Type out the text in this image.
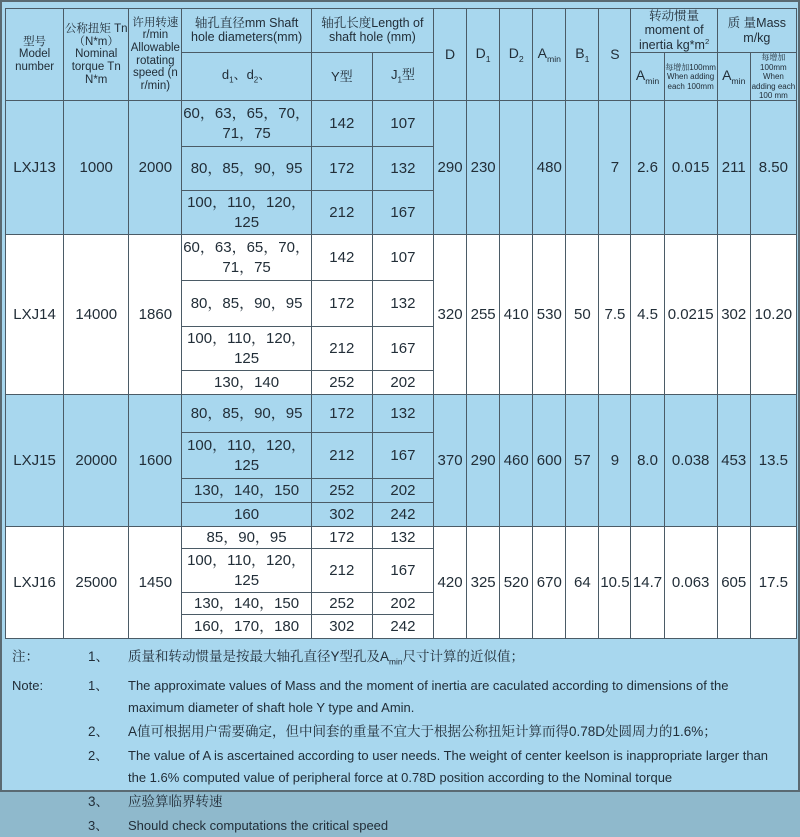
型号 Model number	公称扭矩 Tn（N*m） Nominal torque Tn N*m	许用转速 r/min Allowable rotating speed (n r/min)	轴孔直径mm Shaft hole diameters(mm)	轴孔长度Length of shaft hole (mm)		D	$D_1$	$D_2$	$A_{min}$	$B_1$	S	转动惯量moment of inertia $kg*m^2$		质 量Mass
m/kg	
			$d_1$、$d_2$、	Y型	$J_1$型							$A_{min}$	每增加100mm When adding each 100mm	$A_{min}$	每增加100mm When adding each 100 mm

LXJ13	1000	2000	60，63，65，70，71，75	142	107	290	230		480		7	2.6	0.015	211	8.50
			80，85，90，95	172	132										
			100，110，120，125	212	167										
LXJ14	14000	1860	60，63，65，70，71，75	142	107	320	255	410	530	50	7.5	4.5	0.0215	302	10.20
			80，85，90，95	172	132										
			100，110，120，125	212	167										
			130，140	252	202										
LXJ15	20000	1600	80，85，90，95	172	132	370	290	460	600	57	9	8.0	0.038	453	13.5
			100，110，120，125	212	167										
			130，140，150	252	202										
			160	302	242										
LXJ16	25000	1450	85，90，95	172	132	420	325	520	670	64	10.5	14.7	0.063	605	17.5
			100，110，120，125	212	167										
			130，140，150	252	202										
			160，170，180	302	242										
注：	1、	质量和转动惯量是按最大轴孔直径Y型孔及$A_{min}$尺寸计算的近似值；
Note:	1、	The approximate values of Mass and the moment of inertia are caculated according to dimensions of the maximum diameter of shaft hole Y type and Amin.
2、	A值可根据用户需要确定，但中间套的重量不宜大于根据公称扭矩计算而得0.78D处圆周力的1.6%；
2、	The value of A is ascertained according to user needs. The weight of center keelson is inappropriate larger than the 1.6% computed value of peripheral force at 0.78D position according to the Nominal torque
3、	应验算临界转速
3、	Should check computations the critical speed
